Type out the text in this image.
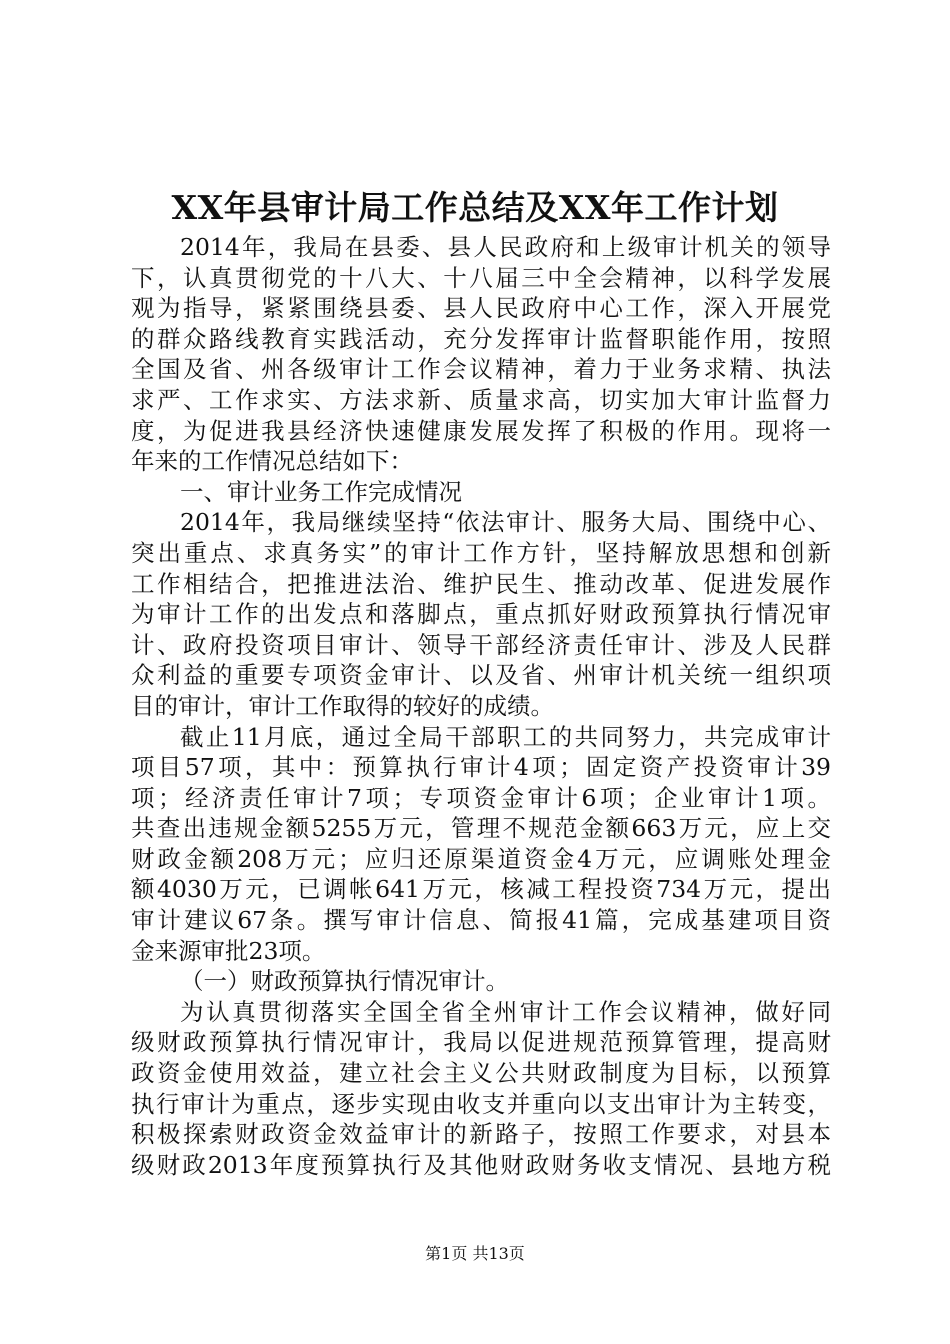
XX年县审计局工作总结及XX年工作计划
2014年，我局在县委、县人民政府和上级审计机关的领导
下，认真贯彻党的十八大、十八届三中全会精神，以科学发展
观为指导，紧紧围绕县委、县人民政府中心工作，深入开展党
的群众路线教育实践活动，充分发挥审计监督职能作用，按照
全国及省、州各级审计工作会议精神，着力于业务求精、执法
求严、工作求实、方法求新、质量求高，切实加大审计监督力
度，为促进我县经济快速健康发展发挥了积极的作用。现将一
年来的工作情况总结如下：
一、审计业务工作完成情况
2014年，我局继续坚持“依法审计、服务大局、围绕中心、
突出重点、求真务实”的审计工作方针，坚持解放思想和创新
工作相结合，把推进法治、维护民生、推动改革、促进发展作
为审计工作的出发点和落脚点，重点抓好财政预算执行情况审
计、政府投资项目审计、领导干部经济责任审计、涉及人民群
众利益的重要专项资金审计、以及省、州审计机关统一组织项
目的审计，审计工作取得的较好的成绩。
截止11月底，通过全局干部职工的共同努力，共完成审计
项目57项，其中：预算执行审计4项；固定资产投资审计39
项；经济责任审计7项；专项资金审计6项；企业审计1项。
共查出违规金额5255万元，管理不规范金额663万元，应上交
财政金额208万元；应归还原渠道资金4万元，应调账处理金
额4030万元，已调帐641万元，核减工程投资734万元，提出
审计建议67条。撰写审计信息、简报41篇，完成基建项目资
金来源审批23项。
（一）财政预算执行情况审计。
为认真贯彻落实全国全省全州审计工作会议精神，做好同
级财政预算执行情况审计，我局以促进规范预算管理，提高财
政资金使用效益，建立社会主义公共财政制度为目标，以预算
执行审计为重点，逐步实现由收支并重向以支出审计为主转变，
积极探索财政资金效益审计的新路子，按照工作要求，对县本
级财政2013年度预算执行及其他财政财务收支情况、县地方税
第1页 共13页
